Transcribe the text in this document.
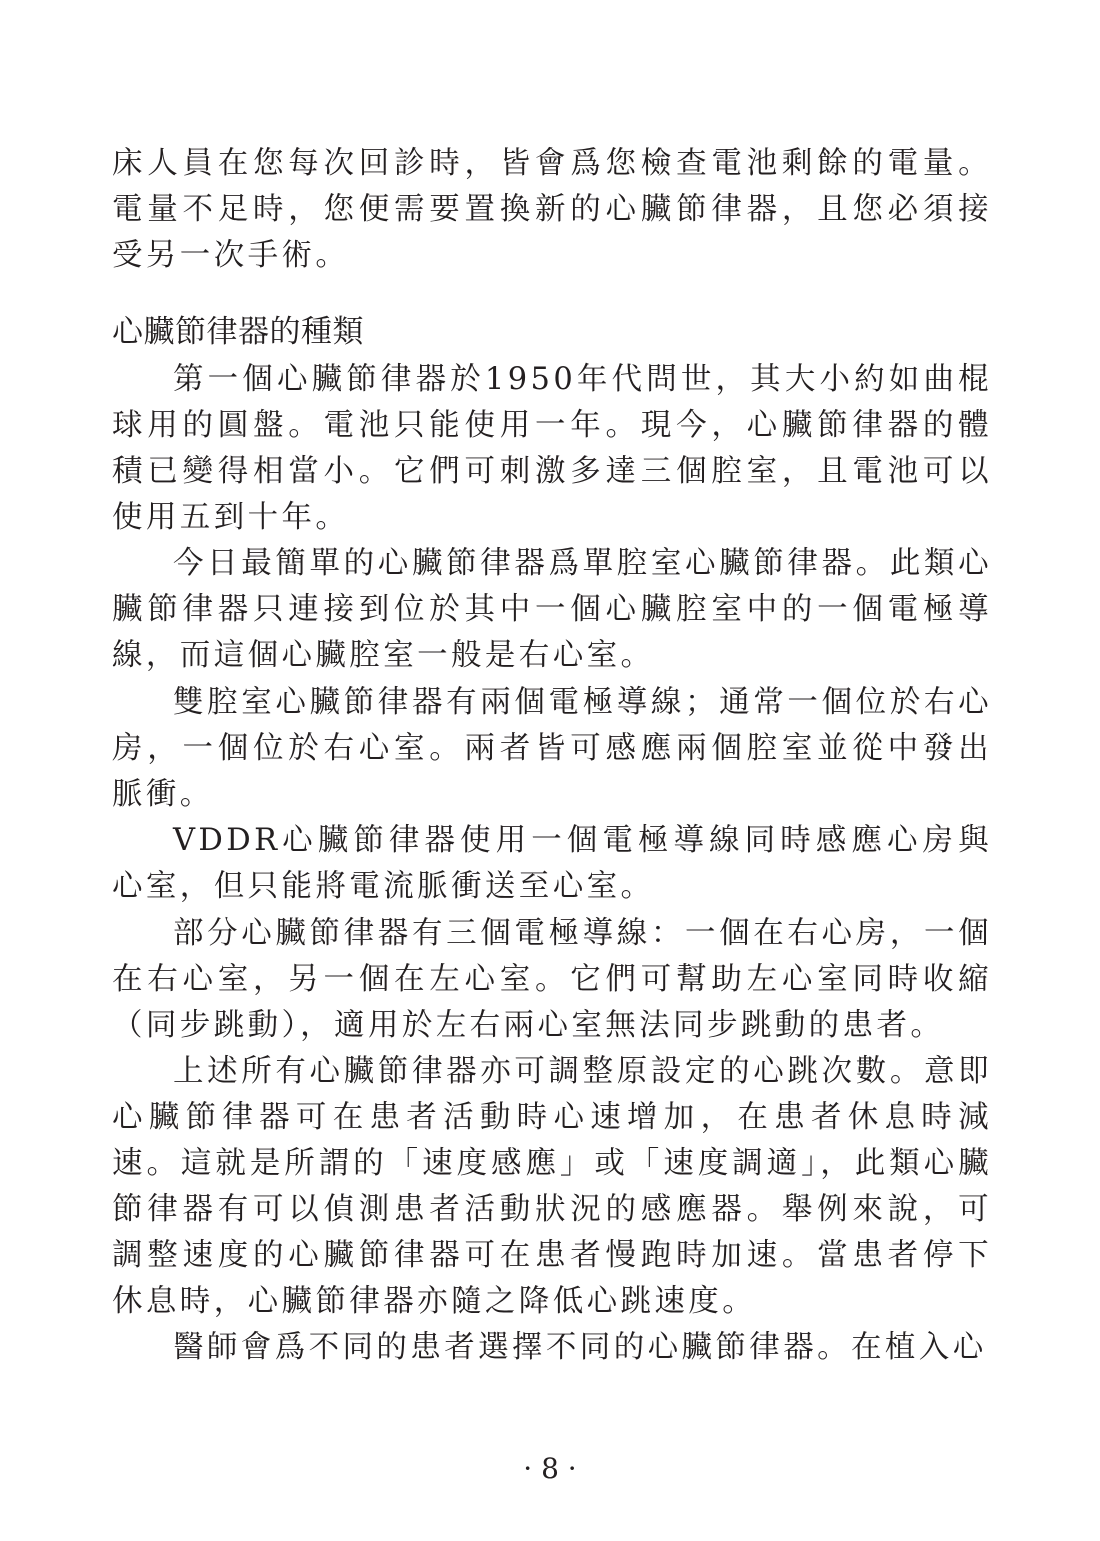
床人員在您每次回診時，皆會爲您檢查電池剩餘的電量。電量不足時，您便需要置換新的心臟節律器，且您必須接受另一次手術。

心臟節律器的種類

第一個心臟節律器於1950年代問世，其大小約如曲棍球用的圓盤。電池只能使用一年。現今，心臟節律器的體積已變得相當小。它們可刺激多達三個腔室，且電池可以使用五到十年。

今日最簡單的心臟節律器爲單腔室心臟節律器。此類心臟節律器只連接到位於其中一個心臟腔室中的一個電極導線，而這個心臟腔室一般是右心室。

雙腔室心臟節律器有兩個電極導線；通常一個位於右心房，一個位於右心室。兩者皆可感應兩個腔室並從中發出脈衝。

VDDR心臟節律器使用一個電極導線同時感應心房與心室，但只能將電流脈衝送至心室。

部分心臟節律器有三個電極導線：一個在右心房，一個在右心室，另一個在左心室。它們可幫助左心室同時收縮（同步跳動），適用於左右兩心室無法同步跳動的患者。

上述所有心臟節律器亦可調整原設定的心跳次數。意即心臟節律器可在患者活動時心速增加，在患者休息時減速。這就是所謂的「速度感應」或「速度調適」，此類心臟節律器有可以偵測患者活動狀況的感應器。舉例來說，可調整速度的心臟節律器可在患者慢跑時加速。當患者停下休息時，心臟節律器亦隨之降低心跳速度。

醫師會爲不同的患者選擇不同的心臟節律器。在植入心

· 8 ·
